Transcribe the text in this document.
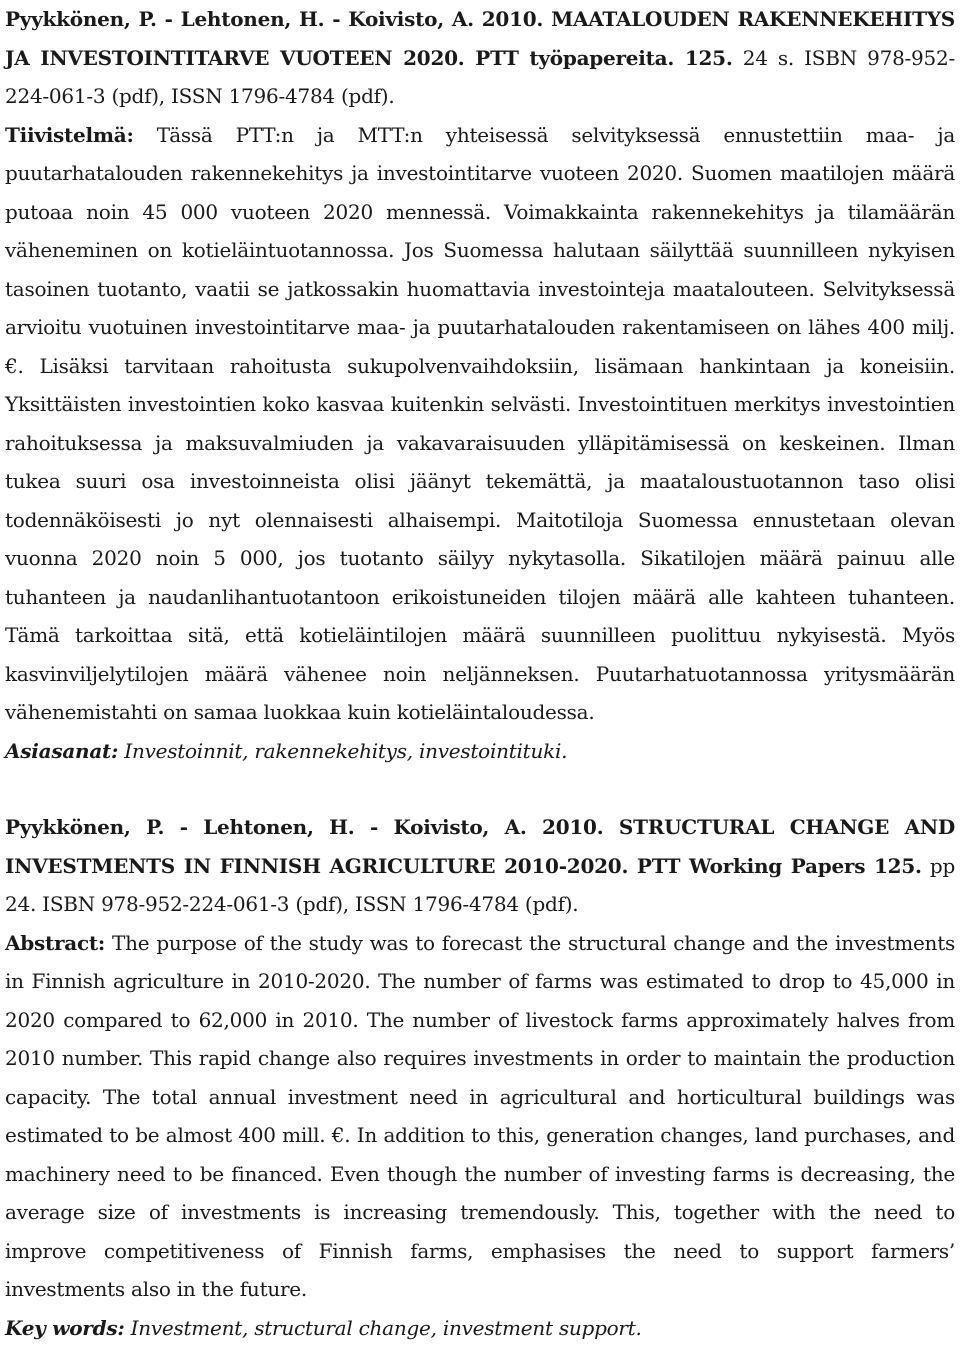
Pyykkönen, P. - Lehtonen, H. - Koivisto, A. 2010. MAATALOUDEN RAKENNEKEHITYS JA INVESTOINTITARVE VUOTEEN 2020. PTT työpapereita. 125. 24 s. ISBN 978-952-224-061-3 (pdf), ISSN 1796-4784 (pdf).
Tiivistelmä: Tässä PTT:n ja MTT:n yhteisessä selvityksessä ennustettiin maa- ja puutarhatalouden rakennekehitys ja investointitarve vuoteen 2020. Suomen maatilojen määrä putoaa noin 45 000 vuoteen 2020 mennessä. Voimakkainta rakennekehitys ja tilamäärän väheneminen on kotieläintuotannossa. Jos Suomessa halutaan säilyttää suunnilleen nykyisen tasoinen tuotanto, vaatii se jatkossakin huomattavia investointeja maatalouteen. Selvityksessä arvioitu vuotuinen investointitarve maa- ja puutarhatalouden rakentamiseen on lähes 400 milj. €. Lisäksi tarvitaan rahoitusta sukupolvenvaihdoksiin, lisämaan hankintaan ja koneisiin. Yksittäisten investointien koko kasvaa kuitenkin selvästi. Investointituen merkitys investointien rahoituksessa ja maksuvalmiuden ja vakavaraisuuden ylläpitämisessä on keskeinen. Ilman tukea suuri osa investoinneista olisi jäänyt tekemättä, ja maataloustuotannon taso olisi todennäköisesti jo nyt olennaisesti alhaisempi. Maitotiloja Suomessa ennustetaan olevan vuonna 2020 noin 5 000, jos tuotanto säilyy nykytasolla. Sikatilojen määrä painuu alle tuhanteen ja naudanlihantuotantoon erikoistuneiden tilojen määrä alle kahteen tuhanteen. Tämä tarkoittaa sitä, että kotieläintilojen määrä suunnilleen puolittuu nykyisestä. Myös kasvinviljelytilojen määrä vähenee noin neljänneksen. Puutarhatuotannossa yritysmäärän vähenemistahti on samaa luokkaa kuin kotieläintaloudessa.
Asiasanat: Investoinnit, rakennekehitys, investointituki.

Pyykkönen, P. - Lehtonen, H. - Koivisto, A. 2010. STRUCTURAL CHANGE AND INVESTMENTS IN FINNISH AGRICULTURE 2010-2020. PTT Working Papers 125. pp 24. ISBN 978-952-224-061-3 (pdf), ISSN 1796-4784 (pdf).
Abstract: The purpose of the study was to forecast the structural change and the investments in Finnish agriculture in 2010-2020. The number of farms was estimated to drop to 45,000 in 2020 compared to 62,000 in 2010. The number of livestock farms approximately halves from 2010 number. This rapid change also requires investments in order to maintain the production capacity. The total annual investment need in agricultural and horticultural buildings was estimated to be almost 400 mill. €. In addition to this, generation changes, land purchases, and machinery need to be financed. Even though the number of investing farms is decreasing, the average size of investments is increasing tremendously. This, together with the need to improve competitiveness of Finnish farms, emphasises the need to support farmers’ investments also in the future.
Key words: Investment, structural change, investment support.
